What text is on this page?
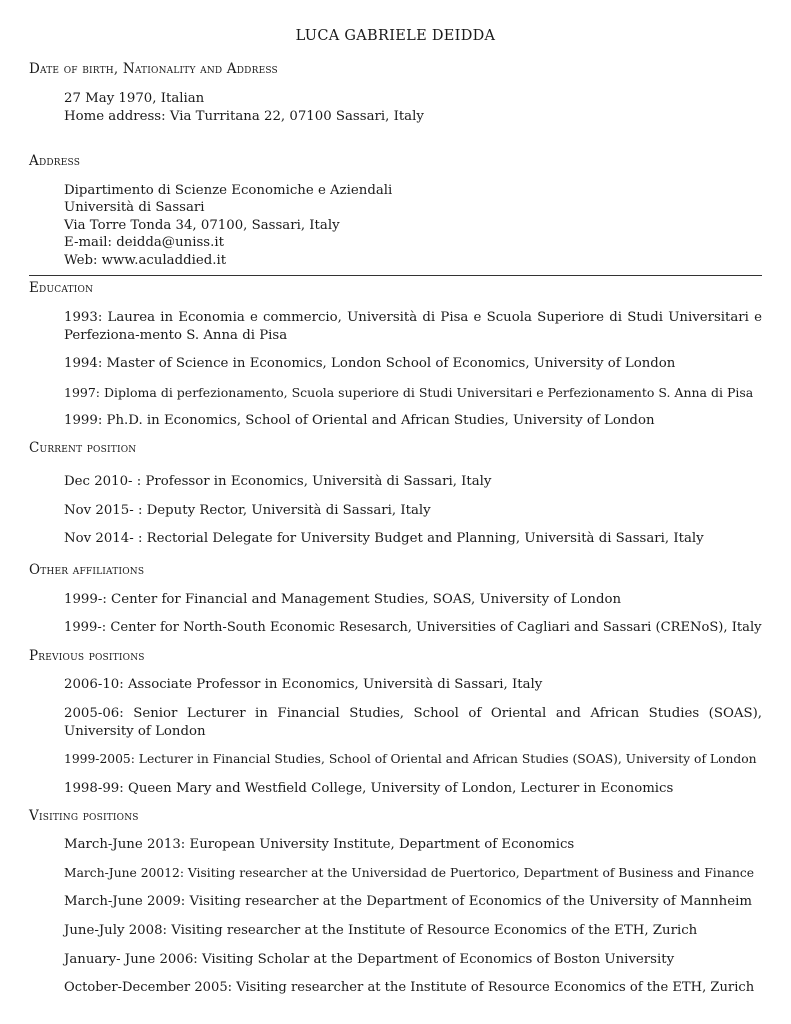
LUCA GABRIELE DEIDDA
Date of birth, Nationality and Address
27 May 1970, Italian
Home address: Via Turritana 22, 07100 Sassari, Italy
Address
Dipartimento di Scienze Economiche e Aziendali
Università di Sassari
Via Torre Tonda 34, 07100, Sassari, Italy
E-mail: deidda@uniss.it
Web: www.aculaddied.it
Education
1993: Laurea in Economia e commercio, Università di Pisa e Scuola Superiore di Studi Universitari e Perfeziona-mento S. Anna di Pisa
1994: Master of Science in Economics, London School of Economics, University of London
1997: Diploma di perfezionamento, Scuola superiore di Studi Universitari e Perfezionamento S. Anna di Pisa
1999: Ph.D. in Economics, School of Oriental and African Studies, University of London
Current position
Dec 2010- : Professor in Economics, Università di Sassari, Italy
Nov 2015- : Deputy Rector, Università di Sassari, Italy
Nov 2014- : Rectorial Delegate for University Budget and Planning, Università di Sassari, Italy
Other affiliations
1999-: Center for Financial and Management Studies, SOAS, University of London
1999-: Center for North-South Economic Resesarch, Universities of Cagliari and Sassari (CRENoS), Italy
Previous positions
2006-10: Associate Professor in Economics, Università di Sassari, Italy
2005-06: Senior Lecturer in Financial Studies, School of Oriental and African Studies (SOAS), University of London
1999-2005: Lecturer in Financial Studies, School of Oriental and African Studies (SOAS), University of London
1998-99: Queen Mary and Westfield College, University of London, Lecturer in Economics
Visiting positions
March-June 2013: European University Institute, Department of Economics
March-June 20012: Visiting researcher at the Universidad de Puertorico, Department of Business and Finance
March-June 2009: Visiting researcher at the Department of Economics of the University of Mannheim
June-July 2008: Visiting researcher at the Institute of Resource Economics of the ETH, Zurich
January- June 2006: Visiting Scholar at the Department of Economics of Boston University
October-December 2005: Visiting researcher at the Institute of Resource Economics of the ETH, Zurich
